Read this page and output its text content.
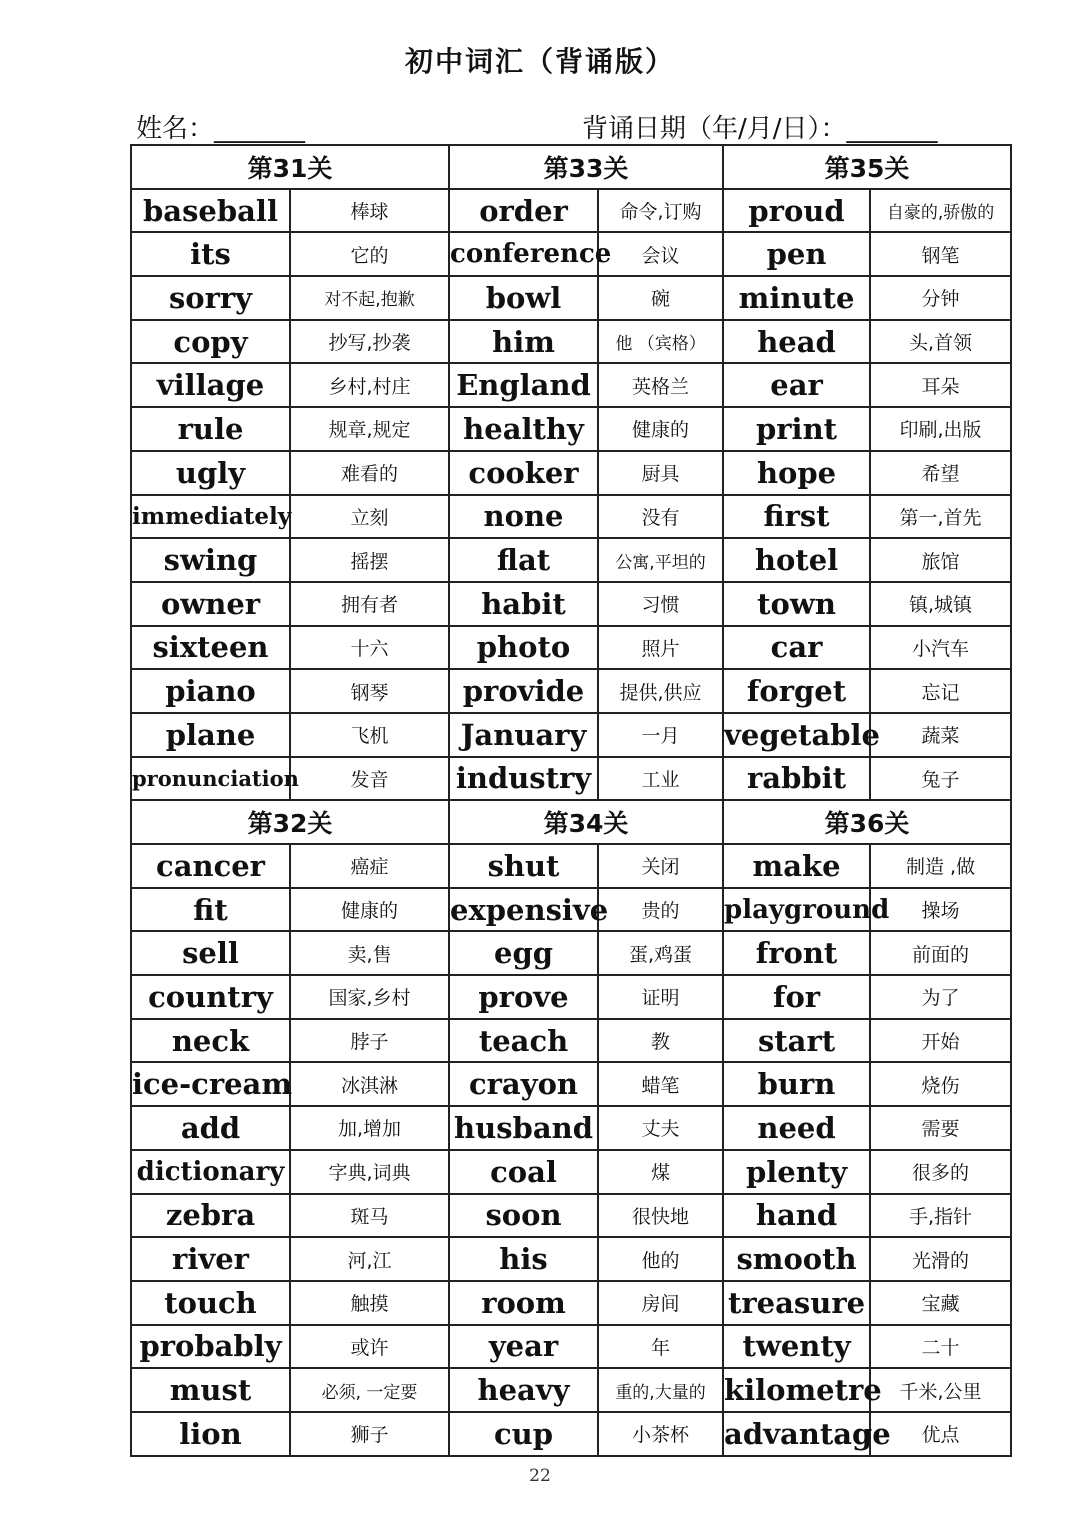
初中词汇（背诵版）
姓名：_______	背诵日期（年/月/日）：_______
第31关		第33关		第35关	
baseball	棒球	order	命令,订购	proud	自豪的,骄傲的
its	它的	conference	会议	pen	钢笔
sorry	对不起,抱歉	bowl	碗	minute	分钟
copy	抄写,抄袭	him	他 （宾格）	head	头,首领
village	乡村,村庄	England	英格兰	ear	耳朵
rule	规章,规定	healthy	健康的	print	印刷,出版
ugly	难看的	cooker	厨具	hope	希望
immediately	立刻	none	没有	first	第一,首先
swing	摇摆	flat	公寓,平坦的	hotel	旅馆
owner	拥有者	habit	习惯	town	镇,城镇
sixteen	十六	photo	照片	car	小汽车
piano	钢琴	provide	提供,供应	forget	忘记
plane	飞机	January	一月	vegetable	蔬菜
pronunciation	发音	industry	工业	rabbit	兔子
第32关		第34关		第36关	
cancer	癌症	shut	关闭	make	制造 ,做
fit	健康的	expensive	贵的	playground	操场
sell	卖,售	egg	蛋,鸡蛋	front	前面的
country	国家,乡村	prove	证明	for	为了
neck	脖子	teach	教	start	开始
ice-cream	冰淇淋	crayon	蜡笔	burn	烧伤
add	加,增加	husband	丈夫	need	需要
dictionary	字典,词典	coal	煤	plenty	很多的
zebra	斑马	soon	很快地	hand	手,指针
river	河,江	his	他的	smooth	光滑的
touch	触摸	room	房间	treasure	宝藏
probably	或许	year	年	twenty	二十
must	必须, 一定要	heavy	重的,大量的	kilometre	千米,公里
lion	狮子	cup	小茶杯	advantage	优点
22
